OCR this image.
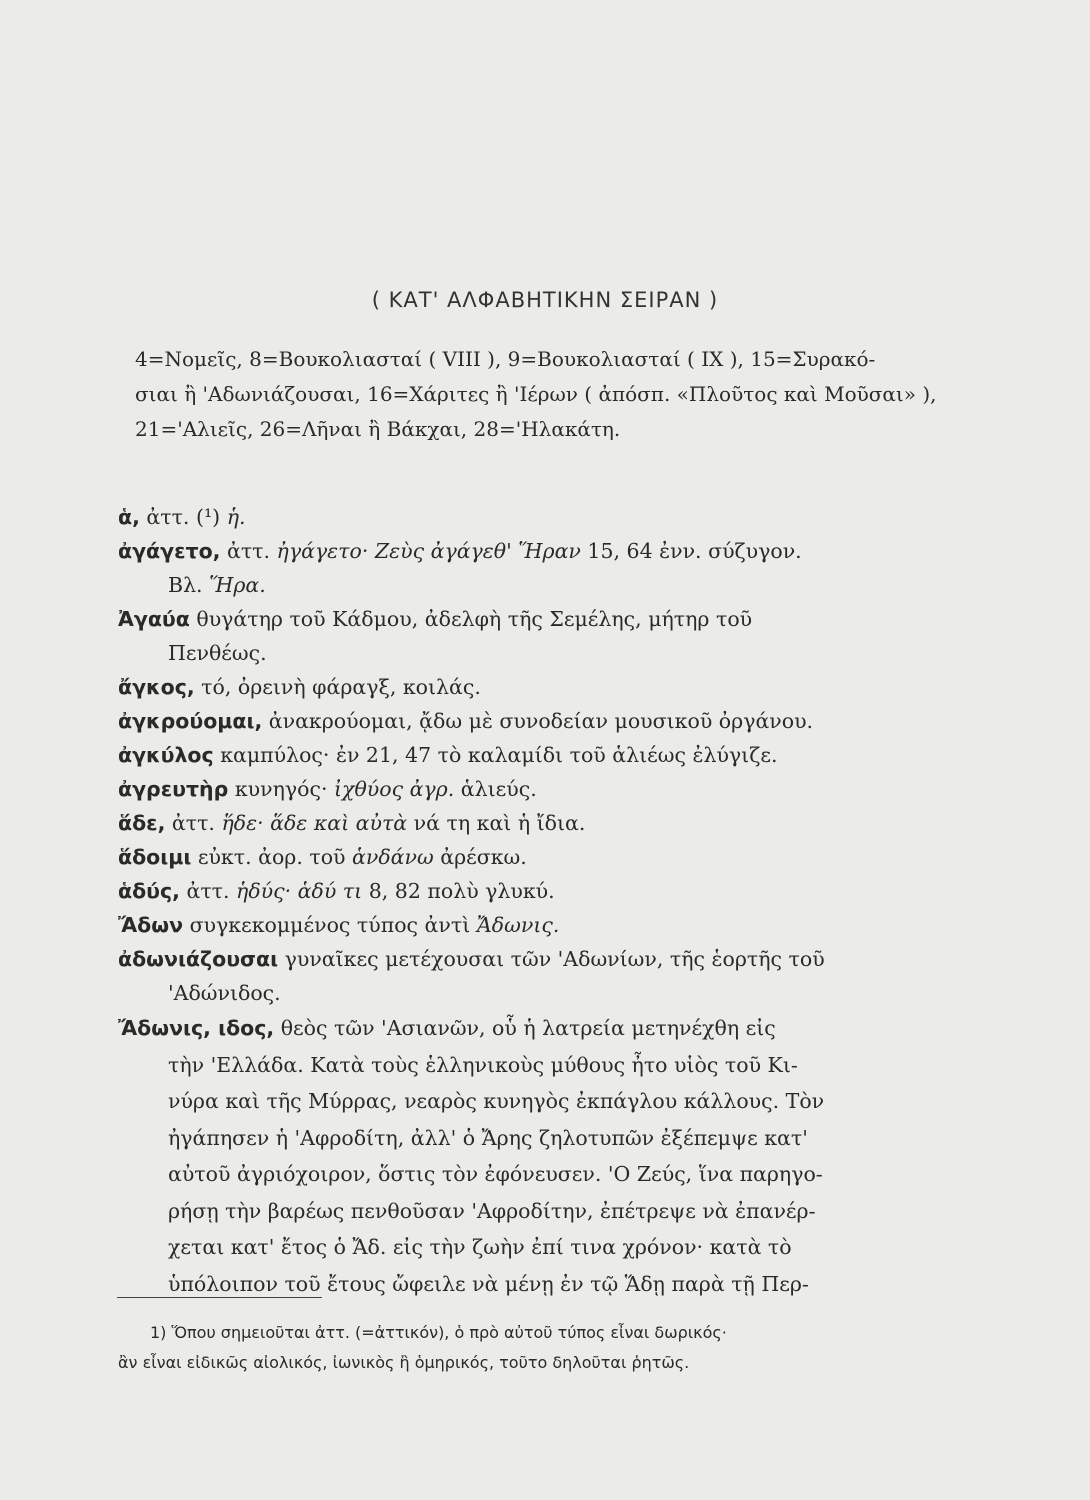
( ΚΑΤ' ΑΛΦΑΒΗΤΙΚΗΝ ΣΕΙΡΑΝ )
4=Νομεῖς, 8=Βουκολιασταί ( VIII ), 9=Βουκολιασταί ( IX ), 15=Συρακό-
σιαι ἢ 'Αδωνιάζουσαι, 16=Χάριτες ἢ 'Ιέρων ( ἀπόσπ. «Πλοῦτος καὶ Μοῦσαι» ),
21='Αλιεῖς, 26=Λῆναι ἢ Βάκχαι, 28='Ηλακάτη.
ἁ, ἀττ. (¹) ἡ.
ἀγάγετο, ἀττ. ἠγάγετο· Ζεὺς ἀγάγεθ' Ἥραν 15, 64 ἐνν. σύζυγον.
Βλ. Ἥρα.
Ἀγαύα θυγάτηρ τοῦ Κάδμου, ἀδελφὴ τῆς Σεμέλης, μήτηρ τοῦ
Πενθέως.
ἄγκος, τό, ὀρεινὴ φάραγξ, κοιλάς.
ἀγκρούομαι, ἀνακρούομαι, ᾄδω μὲ συνοδείαν μουσικοῦ ὀργάνου.
ἀγκύλος καμπύλος· ἐν 21, 47 τὸ καλαμίδι τοῦ ἁλιέως ἐλύγιζε.
ἀγρευτὴρ κυνηγός· ἰχθύος ἀγρ. ἁλιεύς.
ἅδε, ἀττ. ἥδε· ἅδε καὶ αὐτὰ νά τη καὶ ἡ ἴδια.
ἅδοιμι εὐκτ. ἀορ. τοῦ ἁνδάνω ἀρέσκω.
ἁδύς, ἀττ. ἡδύς· ἁδύ τι 8, 82 πολὺ γλυκύ.
Ἄδων συγκεκομμένος τύπος ἀντὶ Ἄδωνις.
ἀδωνιάζουσαι γυναῖκες μετέχουσαι τῶν 'Αδωνίων, τῆς ἑορτῆς τοῦ
'Αδώνιδος.
Ἄδωνις, ιδος, θεὸς τῶν 'Ασιανῶν, οὗ ἡ λατρεία μετηνέχθη εἰς
τὴν 'Ελλάδα. Κατὰ τοὺς ἑλληνικοὺς μύθους ἦτο υἱὸς τοῦ Κι-
νύρα καὶ τῆς Μύρρας, νεαρὸς κυνηγὸς ἐκπάγλου κάλλους. Τὸν
ἠγάπησεν ἡ 'Αφροδίτη, ἀλλ' ὁ Ἄρης ζηλοτυπῶν ἐξέπεμψε κατ'
αὐτοῦ ἀγριόχοιρον, ὅστις τὸν ἐφόνευσεν. 'Ο Ζεύς, ἵνα παρηγο-
ρήσῃ τὴν βαρέως πενθοῦσαν 'Αφροδίτην, ἐπέτρεψε νὰ ἐπανέρ-
χεται κατ' ἔτος ὁ Ἄδ. εἰς τὴν ζωὴν ἐπί τινα χρόνον· κατὰ τὸ
ὑπόλοιπον τοῦ ἔτους ὤφειλε νὰ μένῃ ἐν τῷ Ἅδῃ παρὰ τῇ Περ-
1) Ὅπου σημειοῦται ἀττ. (=ἀττικόν), ὁ πρὸ αὐτοῦ τύπος εἶναι δωρικός·
ἂν εἶναι εἰδικῶς αἰολικός, ἰωνικὸς ἢ ὁμηρικός, τοῦτο δηλοῦται ῥητῶς.
